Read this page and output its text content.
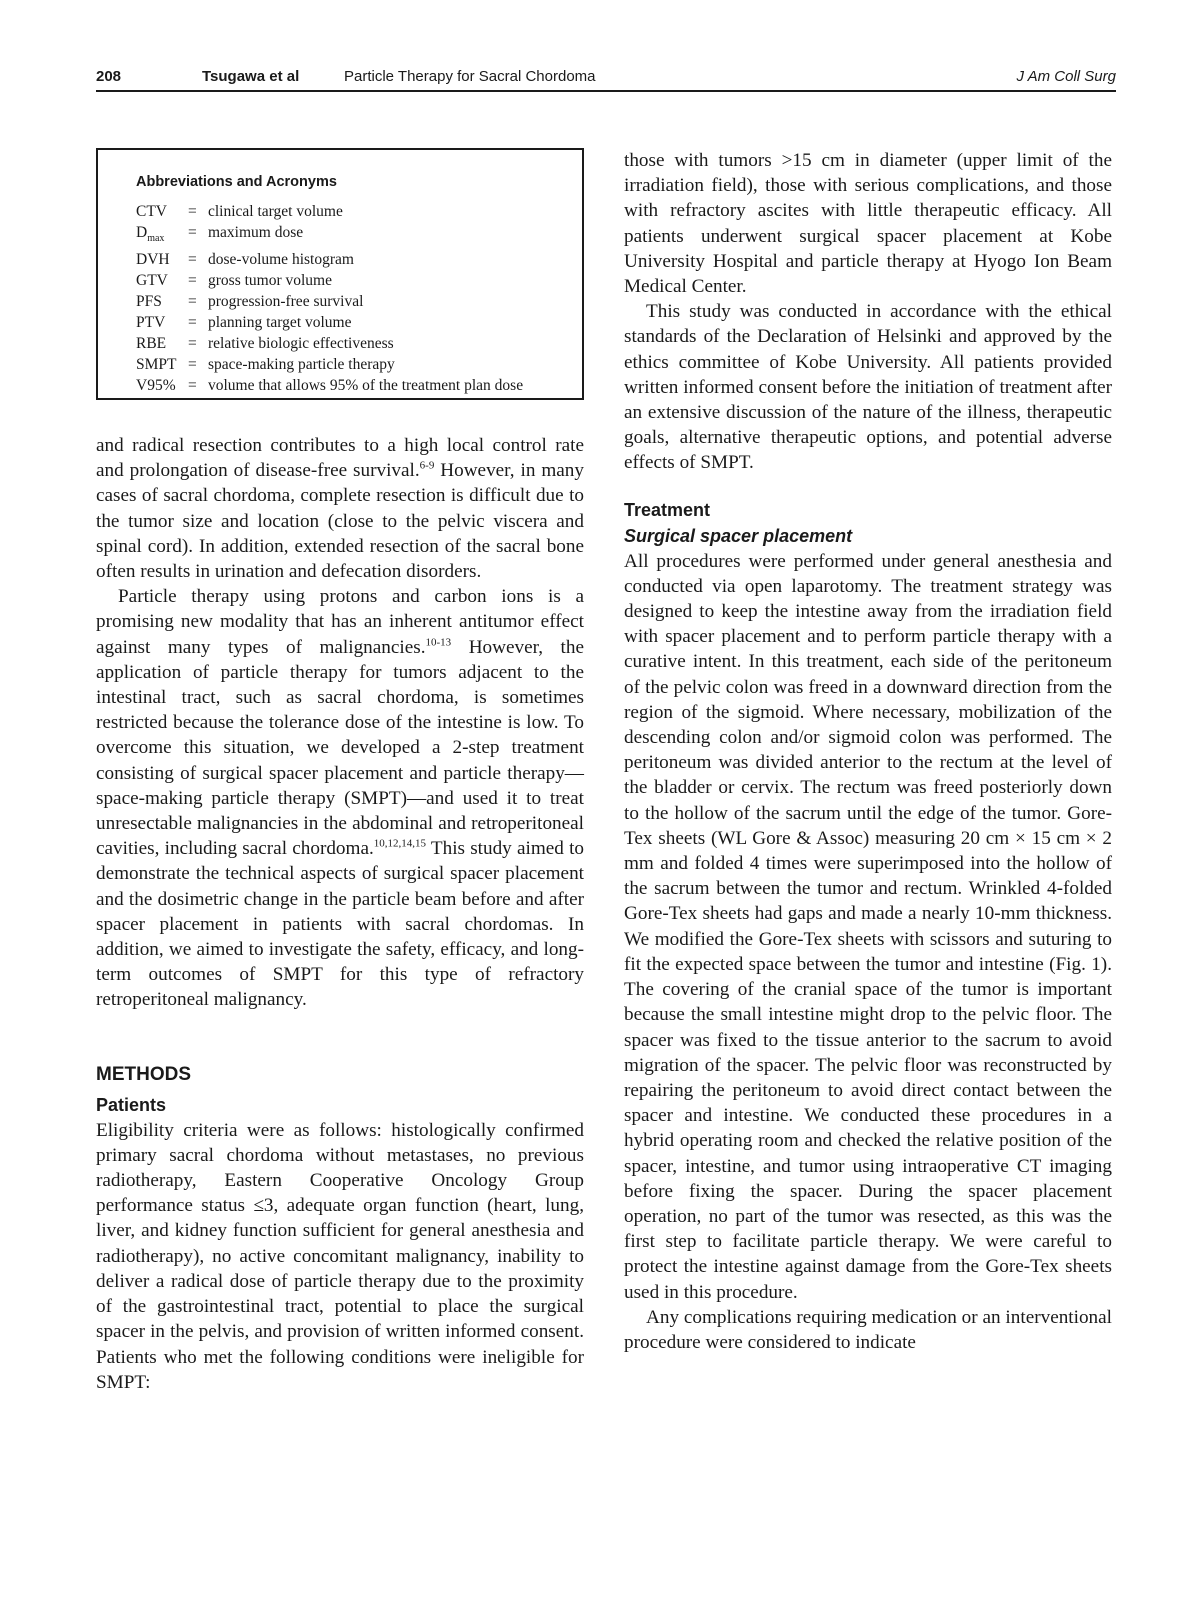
208	Tsugawa et al	Particle Therapy for Sacral Chordoma	J Am Coll Surg
Abbreviations and Acronyms
CTV = clinical target volume
$D_{max}$ = maximum dose
DVH = dose-volume histogram
GTV = gross tumor volume
PFS = progression-free survival
PTV = planning target volume
RBE = relative biologic effectiveness
SMPT = space-making particle therapy
V95% = volume that allows 95% of the treatment plan dose

and radical resection contributes to a high local control rate and prolongation of disease-free survival.$^{6-9}$ However, in many cases of sacral chordoma, complete resection is difficult due to the tumor size and location (close to the pelvic viscera and spinal cord). In addition, extended resection of the sacral bone often results in urination and defecation disorders.

Particle therapy using protons and carbon ions is a promising new modality that has an inherent antitumor effect against many types of malignancies.$^{10-13}$ However, the application of particle therapy for tumors adjacent to the intestinal tract, such as sacral chordoma, is sometimes restricted because the tolerance dose of the intestine is low. To overcome this situation, we developed a 2-step treatment consisting of surgical spacer placement and particle therapy—space-making particle therapy (SMPT)—and used it to treat unresectable malignancies in the abdominal and retroperitoneal cavities, including sacral chordoma.$^{10,12,14,15}$ This study aimed to demonstrate the technical aspects of surgical spacer placement and the dosimetric change in the particle beam before and after spacer placement in patients with sacral chordomas. In addition, we aimed to investigate the safety, efficacy, and long-term outcomes of SMPT for this type of refractory retroperitoneal malignancy.

METHODS
Patients

Eligibility criteria were as follows: histologically confirmed primary sacral chordoma without metastases, no previous radiotherapy, Eastern Cooperative Oncology Group performance status ≤3, adequate organ function (heart, lung, liver, and kidney function sufficient for general anesthesia and radiotherapy), no active concomitant malignancy, inability to deliver a radical dose of particle therapy due to the proximity of the gastrointestinal tract, potential to place the surgical spacer in the pelvis, and provision of written informed consent. Patients who met the following conditions were ineligible for SMPT:

those with tumors >15 cm in diameter (upper limit of the irradiation field), those with serious complications, and those with refractory ascites with little therapeutic efficacy. All patients underwent surgical spacer placement at Kobe University Hospital and particle therapy at Hyogo Ion Beam Medical Center.

This study was conducted in accordance with the ethical standards of the Declaration of Helsinki and approved by the ethics committee of Kobe University. All patients provided written informed consent before the initiation of treatment after an extensive discussion of the nature of the illness, therapeutic goals, alternative therapeutic options, and potential adverse effects of SMPT.

Treatment
Surgical spacer placement

All procedures were performed under general anesthesia and conducted via open laparotomy. The treatment strategy was designed to keep the intestine away from the irradiation field with spacer placement and to perform particle therapy with a curative intent. In this treatment, each side of the peritoneum of the pelvic colon was freed in a downward direction from the region of the sigmoid. Where necessary, mobilization of the descending colon and/or sigmoid colon was performed. The peritoneum was divided anterior to the rectum at the level of the bladder or cervix. The rectum was freed posteriorly down to the hollow of the sacrum until the edge of the tumor. Gore-Tex sheets (WL Gore & Assoc) measuring 20 cm × 15 cm × 2 mm and folded 4 times were superimposed into the hollow of the sacrum between the tumor and rectum. Wrinkled 4-folded Gore-Tex sheets had gaps and made a nearly 10-mm thickness. We modified the Gore-Tex sheets with scissors and suturing to fit the expected space between the tumor and intestine (Fig. 1). The covering of the cranial space of the tumor is important because the small intestine might drop to the pelvic floor. The spacer was fixed to the tissue anterior to the sacrum to avoid migration of the spacer. The pelvic floor was reconstructed by repairing the peritoneum to avoid direct contact between the spacer and intestine. We conducted these procedures in a hybrid operating room and checked the relative position of the spacer, intestine, and tumor using intraoperative CT imaging before fixing the spacer. During the spacer placement operation, no part of the tumor was resected, as this was the first step to facilitate particle therapy. We were careful to protect the intestine against damage from the Gore-Tex sheets used in this procedure.

Any complications requiring medication or an interventional procedure were considered to indicate
